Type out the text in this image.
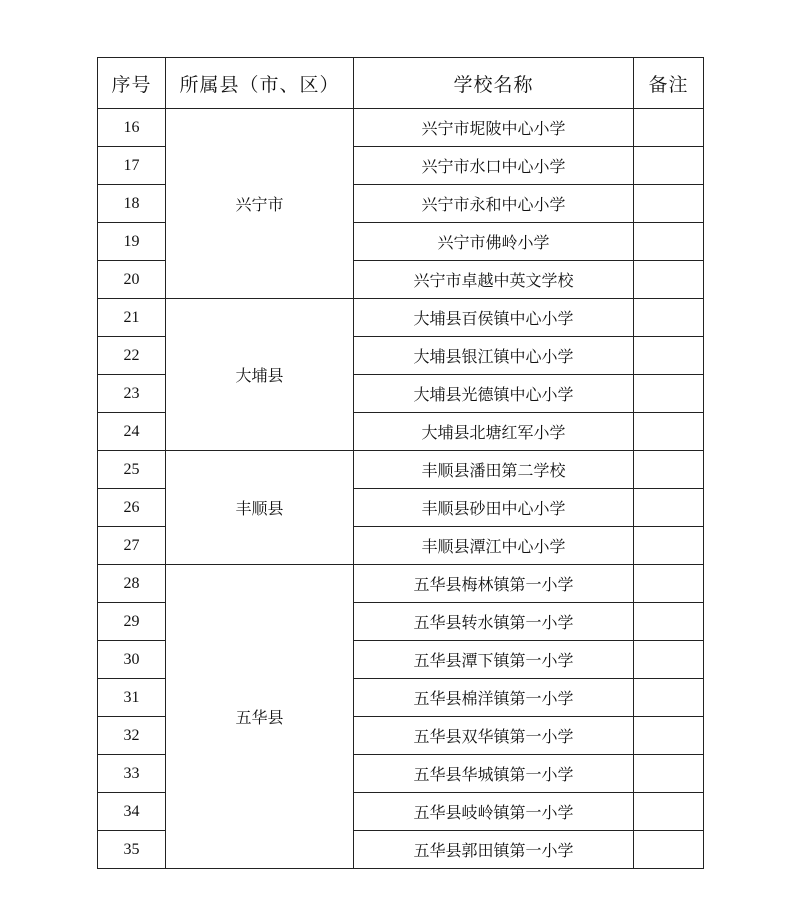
序号	所属县（市、区）	学校名称	备注
16	兴宁市	兴宁市坭陂中心小学	
17		兴宁市水口中心小学	
18		兴宁市永和中心小学	
19		兴宁市佛岭小学	
20		兴宁市卓越中英文学校	
21	大埔县	大埔县百侯镇中心小学	
22		大埔县银江镇中心小学	
23		大埔县光德镇中心小学	
24		大埔县北塘红军小学	
25	丰顺县	丰顺县潘田第二学校	
26		丰顺县砂田中心小学	
27		丰顺县潭江中心小学	
28	五华县	五华县梅林镇第一小学	
29		五华县转水镇第一小学	
30		五华县潭下镇第一小学	
31		五华县棉洋镇第一小学	
32		五华县双华镇第一小学	
33		五华县华城镇第一小学	
34		五华县岐岭镇第一小学	
35		五华县郭田镇第一小学	
